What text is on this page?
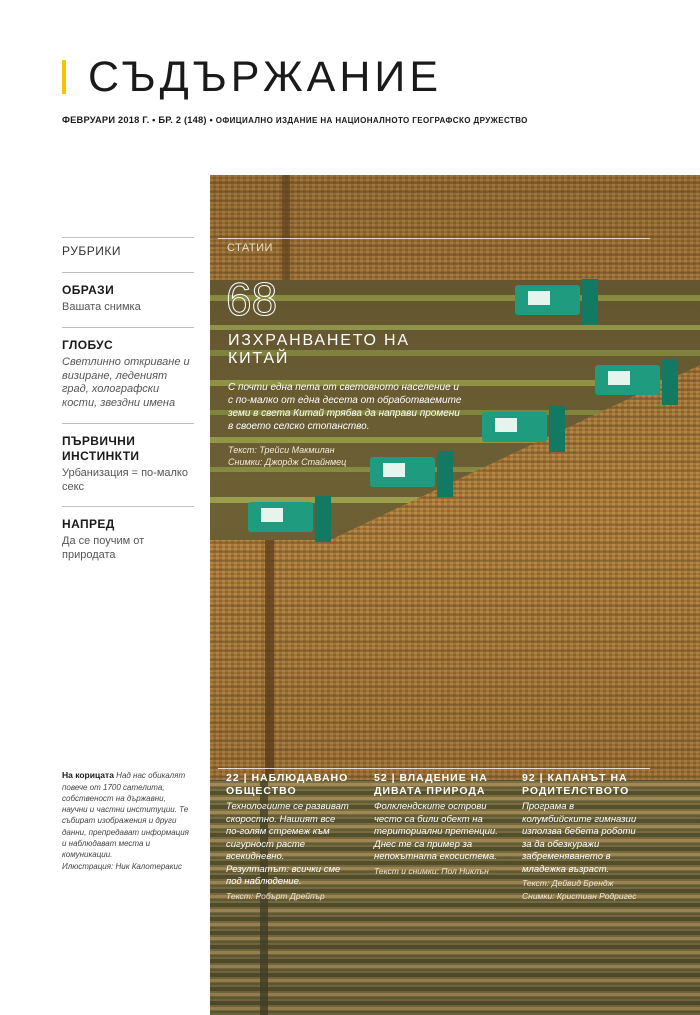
СЪДЪРЖАНИЕ
ФЕВРУАРИ 2018 Г. • БР. 2 (148) • ОФИЦИАЛНО ИЗДАНИЕ НА НАЦИОНАЛНОТО ГЕОГРАФСКО ДРУЖЕСТВО
РУБРИКИ
ОБРАЗИ
Вашата снимка
ГЛОБУС
Светлинно откриване и визиране, леденият град, холографски кости, звездни имена
ПЪРВИЧНИ ИНСТИНКТИ
Урбанизация = по-малко секс
НАПРЕД
Да се поучим от природата
На корицата Над нас обикалят повече от 1700 сателита, собственост на държавни, научни и частни институции. Те събират изображения и други данни, препредават информация и наблюдават места и комуникации.
Илюстрация: Ник Калотеракис
СТАТИИ
68
ИЗХРАНВАНЕТО НА КИТАЙ
С почти една пета от световното население и с по-малко от една десета от обработваемите земи в света Китай трябва да направи промени в своето селско стопанство.
Текст: Трейси Макмилан
Снимки: Джордж Стайнмец
22 | НАБЛЮДАВАНО ОБЩЕСТВО
Технологиите се развиват скоростно. Нашият все по-голям стремеж към сигурност расте всекидневно. Резултатът: всички сме под наблюдение.
Текст: Робърт Дрейпър
52 | ВЛАДЕНИЕ НА ДИВАТА ПРИРОДА
Фолклендските острови често са били обект на териториални претенции. Днес те са пример за непокътната екосистема.
Текст и снимки: Пол Никлън
92 | КАПАНЪТ НА РОДИТЕЛСТВОТО
Програма в колумбийските гимназии използва бебета роботи за да обезкуражи забременяването в младежка възраст.
Текст: Дейвид Брендж
Снимки: Кристиан Родригес
